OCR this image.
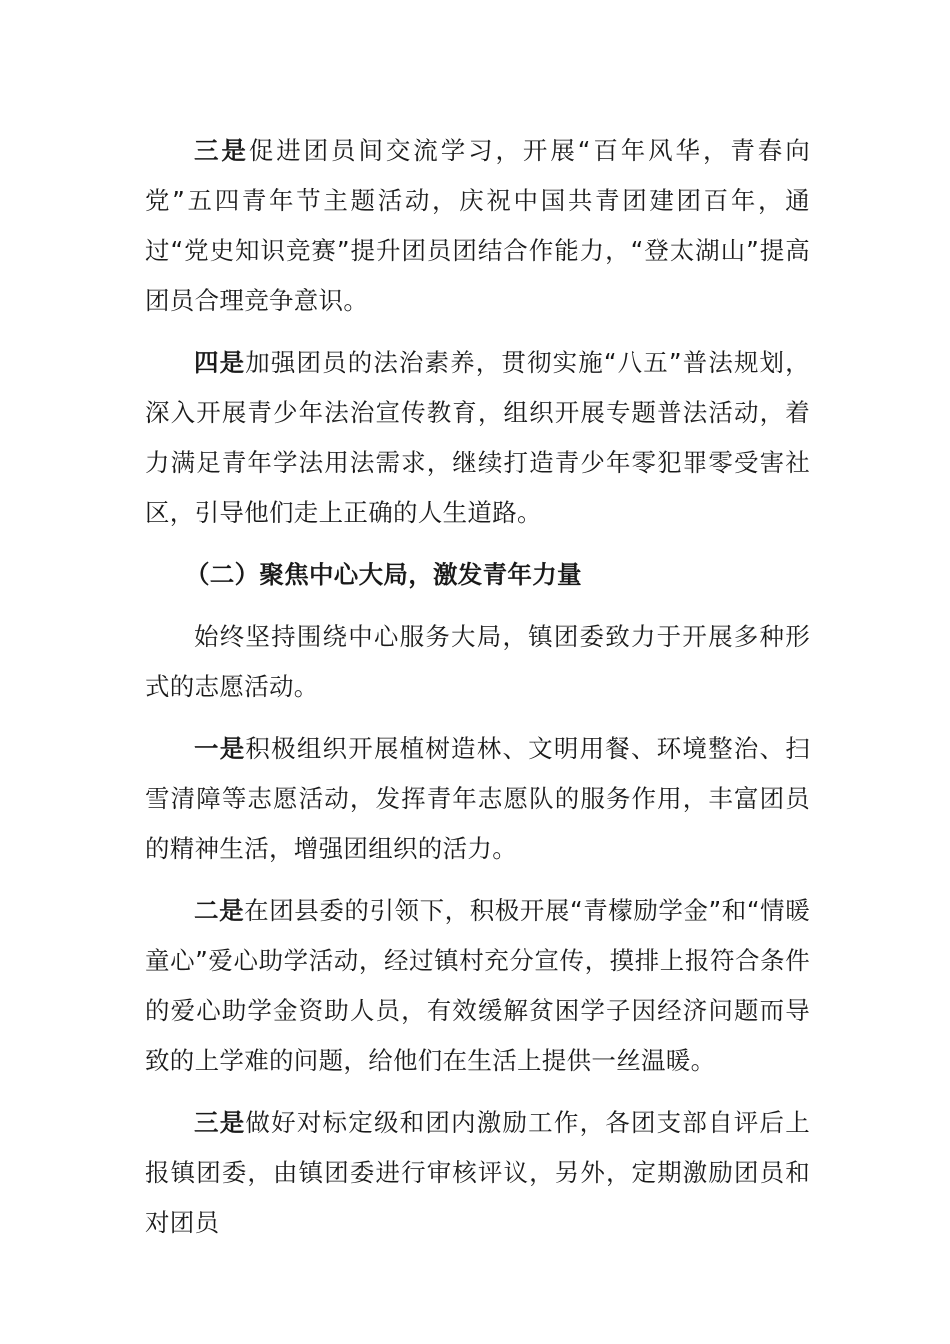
三是促进团员间交流学习，开展“百年风华，青春向党”五四青年节主题活动，庆祝中国共青团建团百年，通过“党史知识竞赛”提升团员团结合作能力，“登太湖山”提高团员合理竞争意识。

四是加强团员的法治素养，贯彻实施“八五”普法规划，深入开展青少年法治宣传教育，组织开展专题普法活动，着力满足青年学法用法需求，继续打造青少年零犯罪零受害社区，引导他们走上正确的人生道路。

（二）聚焦中心大局，激发青年力量

始终坚持围绕中心服务大局，镇团委致力于开展多种形式的志愿活动。

一是积极组织开展植树造林、文明用餐、环境整治、扫雪清障等志愿活动，发挥青年志愿队的服务作用，丰富团员的精神生活，增强团组织的活力。

二是在团县委的引领下，积极开展“青檬励学金”和“情暖童心”爱心助学活动，经过镇村充分宣传，摸排上报符合条件的爱心助学金资助人员，有效缓解贫困学子因经济问题而导致的上学难的问题，给他们在生活上提供一丝温暖。

三是做好对标定级和团内激励工作，各团支部自评后上报镇团委，由镇团委进行审核评议，另外，定期激励团员和对团员
